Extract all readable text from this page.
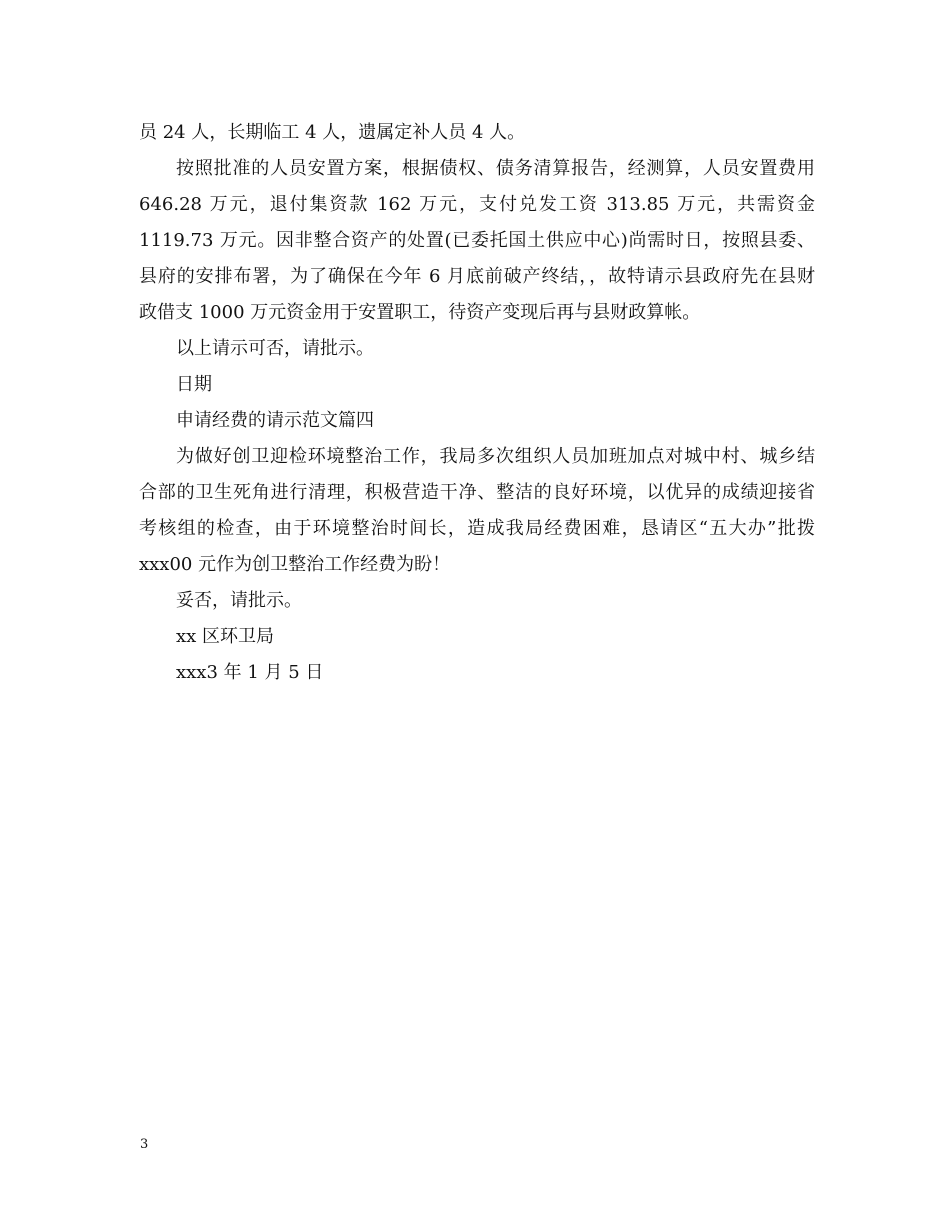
员 24 人，长期临工 4 人，遗属定补人员 4 人。
按照批准的人员安置方案，根据债权、债务清算报告，经测算，人员安置费用
646.28 万元，退付集资款 162 万元，支付兑发工资 313.85 万元，共需资金
1119.73 万元。因非整合资产的处置(已委托国土供应中心)尚需时日，按照县委、
县府的安排布署，为了确保在今年 6 月底前破产终结，，故特请示县政府先在县财
政借支 1000 万元资金用于安置职工，待资产变现后再与县财政算帐。
以上请示可否，请批示。
日期
申请经费的请示范文篇四
为做好创卫迎检环境整治工作，我局多次组织人员加班加点对城中村、城乡结
合部的卫生死角进行清理，积极营造干净、整洁的良好环境，以优异的成绩迎接省
考核组的检查，由于环境整治时间长，造成我局经费困难，恳请区“五大办”批拨
xxx00 元作为创卫整治工作经费为盼！
妥否，请批示。
xx 区环卫局
xxx3 年 1 月 5 日
3
